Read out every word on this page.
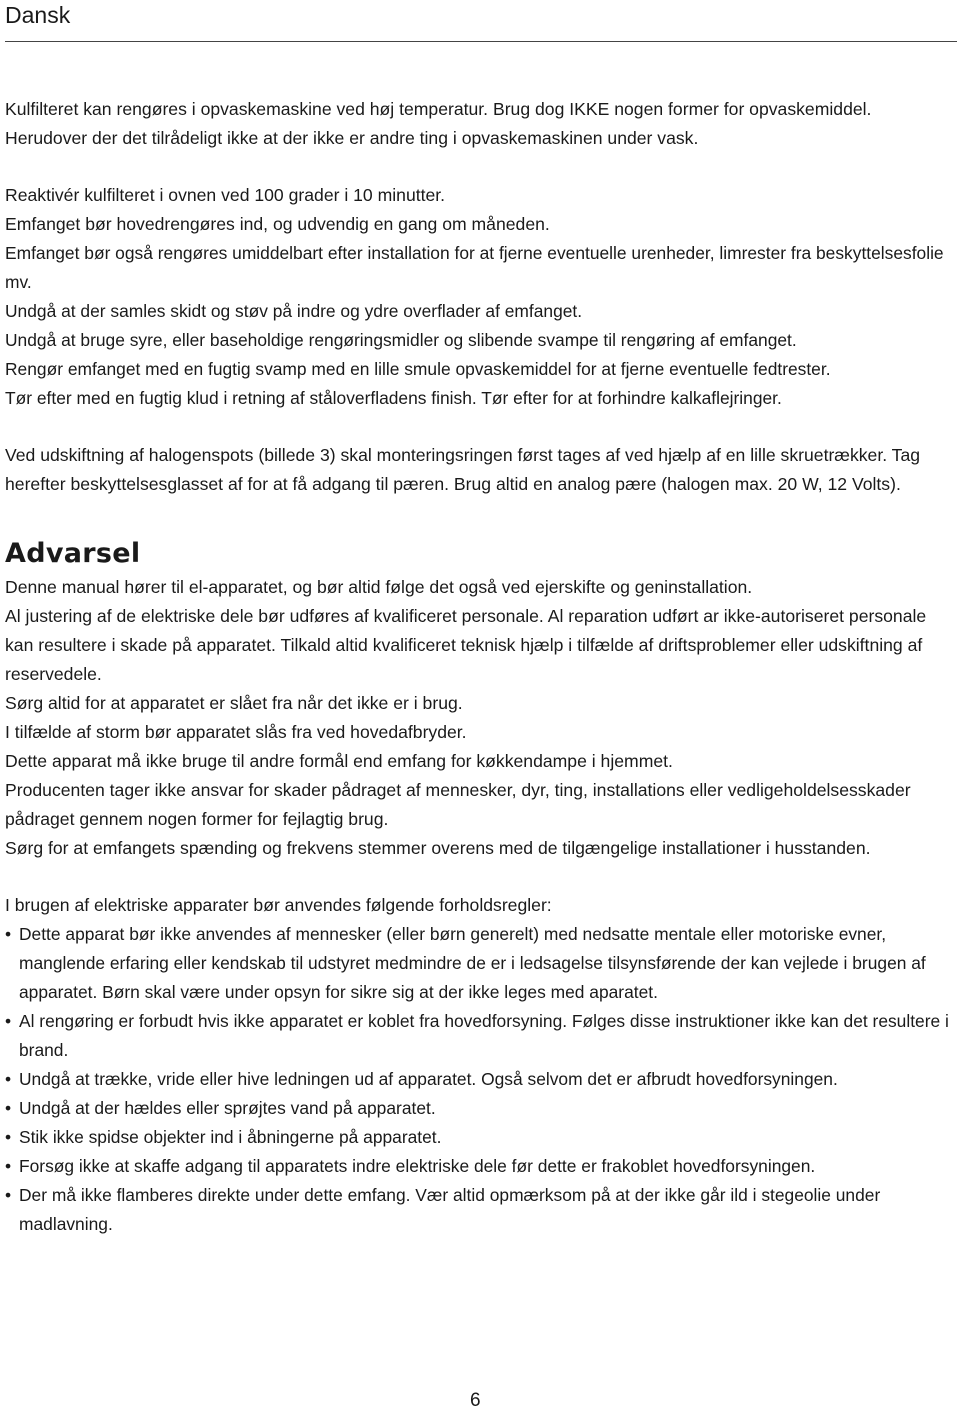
Dansk

Kulfilteret kan rengøres i opvaskemaskine ved høj temperatur. Brug dog IKKE nogen former for opvaskemiddel. Herudover der det tilrådeligt ikke at der ikke er andre ting i opvaskemaskinen under vask.

Reaktivér kulfilteret i ovnen ved 100 grader i 10 minutter.

Emfanget bør hovedrengøres ind, og udvendig en gang om måneden.

Emfanget bør også rengøres umiddelbart efter installation for at fjerne eventuelle urenheder, limrester fra beskyttelsesfolie mv.

Undgå at der samles skidt og støv på indre og ydre overflader af emfanget.

Undgå at bruge syre, eller baseholdige rengøringsmidler og slibende svampe til rengøring af emfanget.

Rengør emfanget med en fugtig svamp med en lille smule opvaskemiddel for at fjerne eventuelle fedtrester.

Tør efter med en fugtig klud i retning af ståloverfladens finish. Tør efter for at forhindre kalkaflejringer.

Ved udskiftning af halogenspots (billede 3) skal monteringsringen først tages af ved hjælp af en lille skruetrækker. Tag herefter beskyttelsesglasset af for at få adgang til pæren. Brug altid en analog pære (halogen max. 20 W, 12 Volts).

Advarsel

Denne manual hører til el-apparatet, og bør altid følge det også ved ejerskifte og geninstallation.

Al justering af de elektriske dele bør udføres af kvalificeret personale. Al reparation udført ar ikke-autoriseret personale kan resultere i skade på apparatet. Tilkald altid kvalificeret teknisk hjælp i tilfælde af driftsproblemer eller udskiftning af reservedele.

Sørg altid for at apparatet er slået fra når det ikke er i brug.

I tilfælde af storm bør apparatet slås fra ved hovedafbryder.

Dette apparat må ikke bruge til andre formål end emfang for køkkendampe i hjemmet.

Producenten tager ikke ansvar for skader pådraget af mennesker, dyr, ting, installations eller vedligeholdelsesskader pådraget gennem nogen former for fejlagtig brug.

Sørg for at emfangets spænding og frekvens stemmer overens med de tilgængelige installationer i husstanden.

I brugen af elektriske apparater bør anvendes følgende forholdsregler:

• Dette apparat bør ikke anvendes af mennesker (eller børn generelt) med nedsatte mentale eller motoriske evner, manglende erfaring eller kendskab til udstyret medmindre de er i ledsagelse tilsynsførende der kan vejlede i brugen af apparatet. Børn skal være under opsyn for sikre sig at der ikke leges med aparatet.
• Al rengøring er forbudt hvis ikke apparatet er koblet fra hovedforsyning. Følges disse instruktioner ikke kan det resultere i brand.
• Undgå at trække, vride eller hive ledningen ud af apparatet. Også selvom det er afbrudt hovedforsyningen.
• Undgå at der hældes eller sprøjtes vand på apparatet.
• Stik ikke spidse objekter ind i åbningerne på apparatet.
• Forsøg ikke at skaffe adgang til apparatets indre elektriske dele før dette er frakoblet hovedforsyningen.
• Der må ikke flamberes direkte under dette emfang. Vær altid opmærksom på at der ikke går ild i stegeolie under madlavning.
6
